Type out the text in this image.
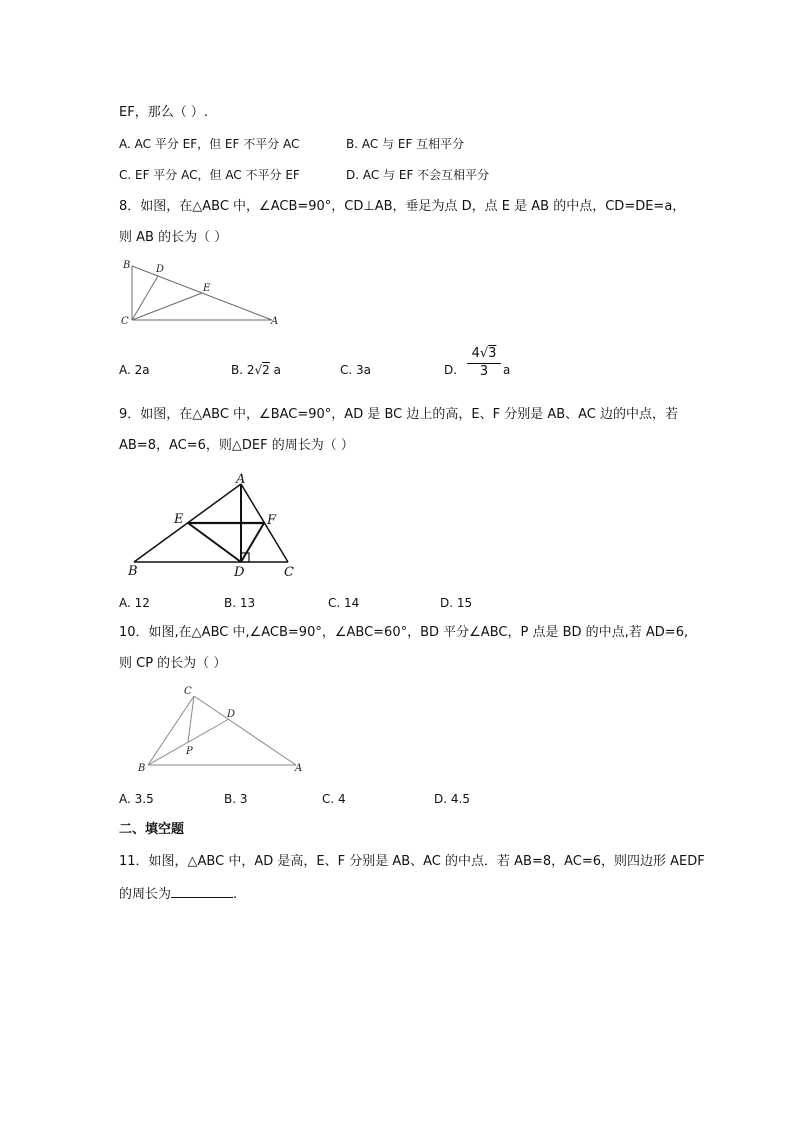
EF，那么（ ）.
A. AC 平分 EF，但 EF 不平分 AC	B. AC 与 EF 互相平分
C. EF 平分 AC，但 AC 不平分 EF	D. AC 与 EF 不会互相平分
8．如图，在△ABC 中，∠ACB=90°，CD⊥AB，垂足为点 D，点 E 是 AB 的中点，CD=DE=a，
则 AB 的长为（ ）
B	D
E
C	A
A. 2a	B. 2√2 a	C. 3a	D. $\frac{4√3}{3}$ a
9．如图，在△ABC 中，∠BAC=90°，AD 是 BC 边上的高，E、F 分别是 AB、AC 边的中点，若
AB=8，AC=6，则△DEF 的周长为（ ）
A
E	F
B	D	C
A. 12	B. 13	C. 14	D. 15
10．如图,在△ABC 中,∠ACB=90°，∠ABC=60°，BD 平分∠ABC，P 点是 BD 的中点,若 AD=6,
则 CP 的长为（ ）
C
D
P
B	A
A. 3.5	B. 3	C. 4	D. 4.5
二、填空题
11．如图，△ABC 中，AD 是高，E、F 分别是 AB、AC 的中点．若 AB=8，AC=6，则四边形 AEDF
的周长为	.
